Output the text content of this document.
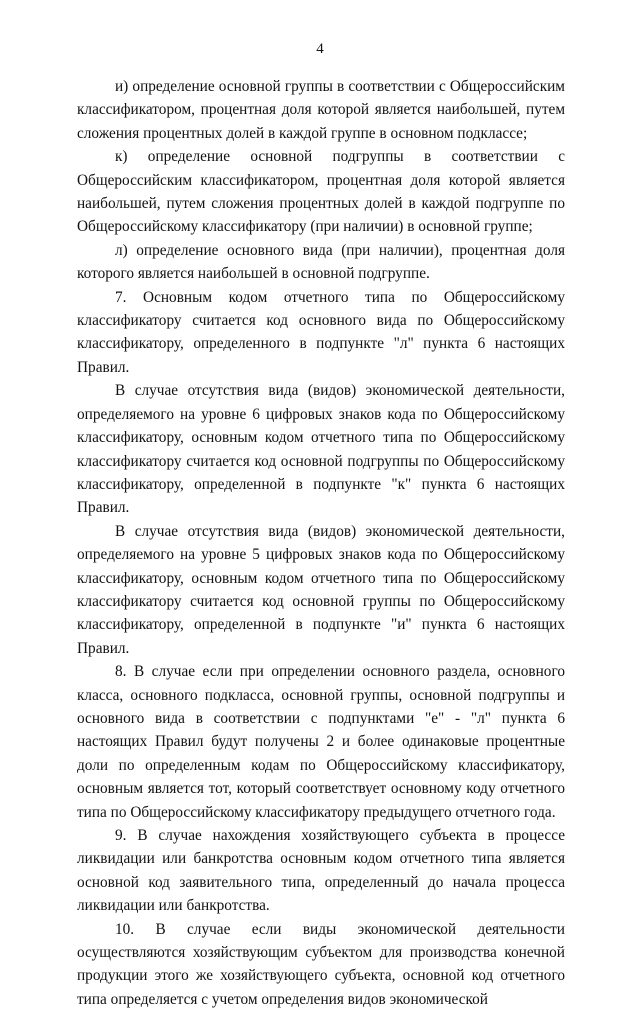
4

и) определение основной группы в соответствии с Общероссийским классификатором, процентная доля которой является наибольшей, путем сложения процентных долей в каждой группе в основном подклассе;

к) определение основной подгруппы в соответствии с Общероссийским классификатором, процентная доля которой является наибольшей, путем сложения процентных долей в каждой подгруппе по Общероссийскому классификатору (при наличии) в основной группе;

л) определение основного вида (при наличии), процентная доля которого является наибольшей в основной подгруппе.

7. Основным кодом отчетного типа по Общероссийскому классификатору считается код основного вида по Общероссийскому классификатору, определенного в подпункте "л" пункта 6 настоящих Правил.

В случае отсутствия вида (видов) экономической деятельности, определяемого на уровне 6 цифровых знаков кода по Общероссийскому классификатору, основным кодом отчетного типа по Общероссийскому классификатору считается код основной подгруппы по Общероссийскому классификатору, определенной в подпункте "к" пункта 6 настоящих Правил.

В случае отсутствия вида (видов) экономической деятельности, определяемого на уровне 5 цифровых знаков кода по Общероссийскому классификатору, основным кодом отчетного типа по Общероссийскому классификатору считается код основной группы по Общероссийскому классификатору, определенной в подпункте "и" пункта 6 настоящих Правил.

8. В случае если при определении основного раздела, основного класса, основного подкласса, основной группы, основной подгруппы и основного вида в соответствии с подпунктами "е" - "л" пункта 6 настоящих Правил будут получены 2 и более одинаковые процентные доли по определенным кодам по Общероссийскому классификатору, основным является тот, который соответствует основному коду отчетного типа по Общероссийскому классификатору предыдущего отчетного года.

9. В случае нахождения хозяйствующего субъекта в процессе ликвидации или банкротства основным кодом отчетного типа является основной код заявительного типа, определенный до начала процесса ликвидации или банкротства.

10. В случае если виды экономической деятельности осуществляются хозяйствующим субъектом для производства конечной продукции этого же хозяйствующего субъекта, основной код отчетного типа определяется с учетом определения видов экономической
